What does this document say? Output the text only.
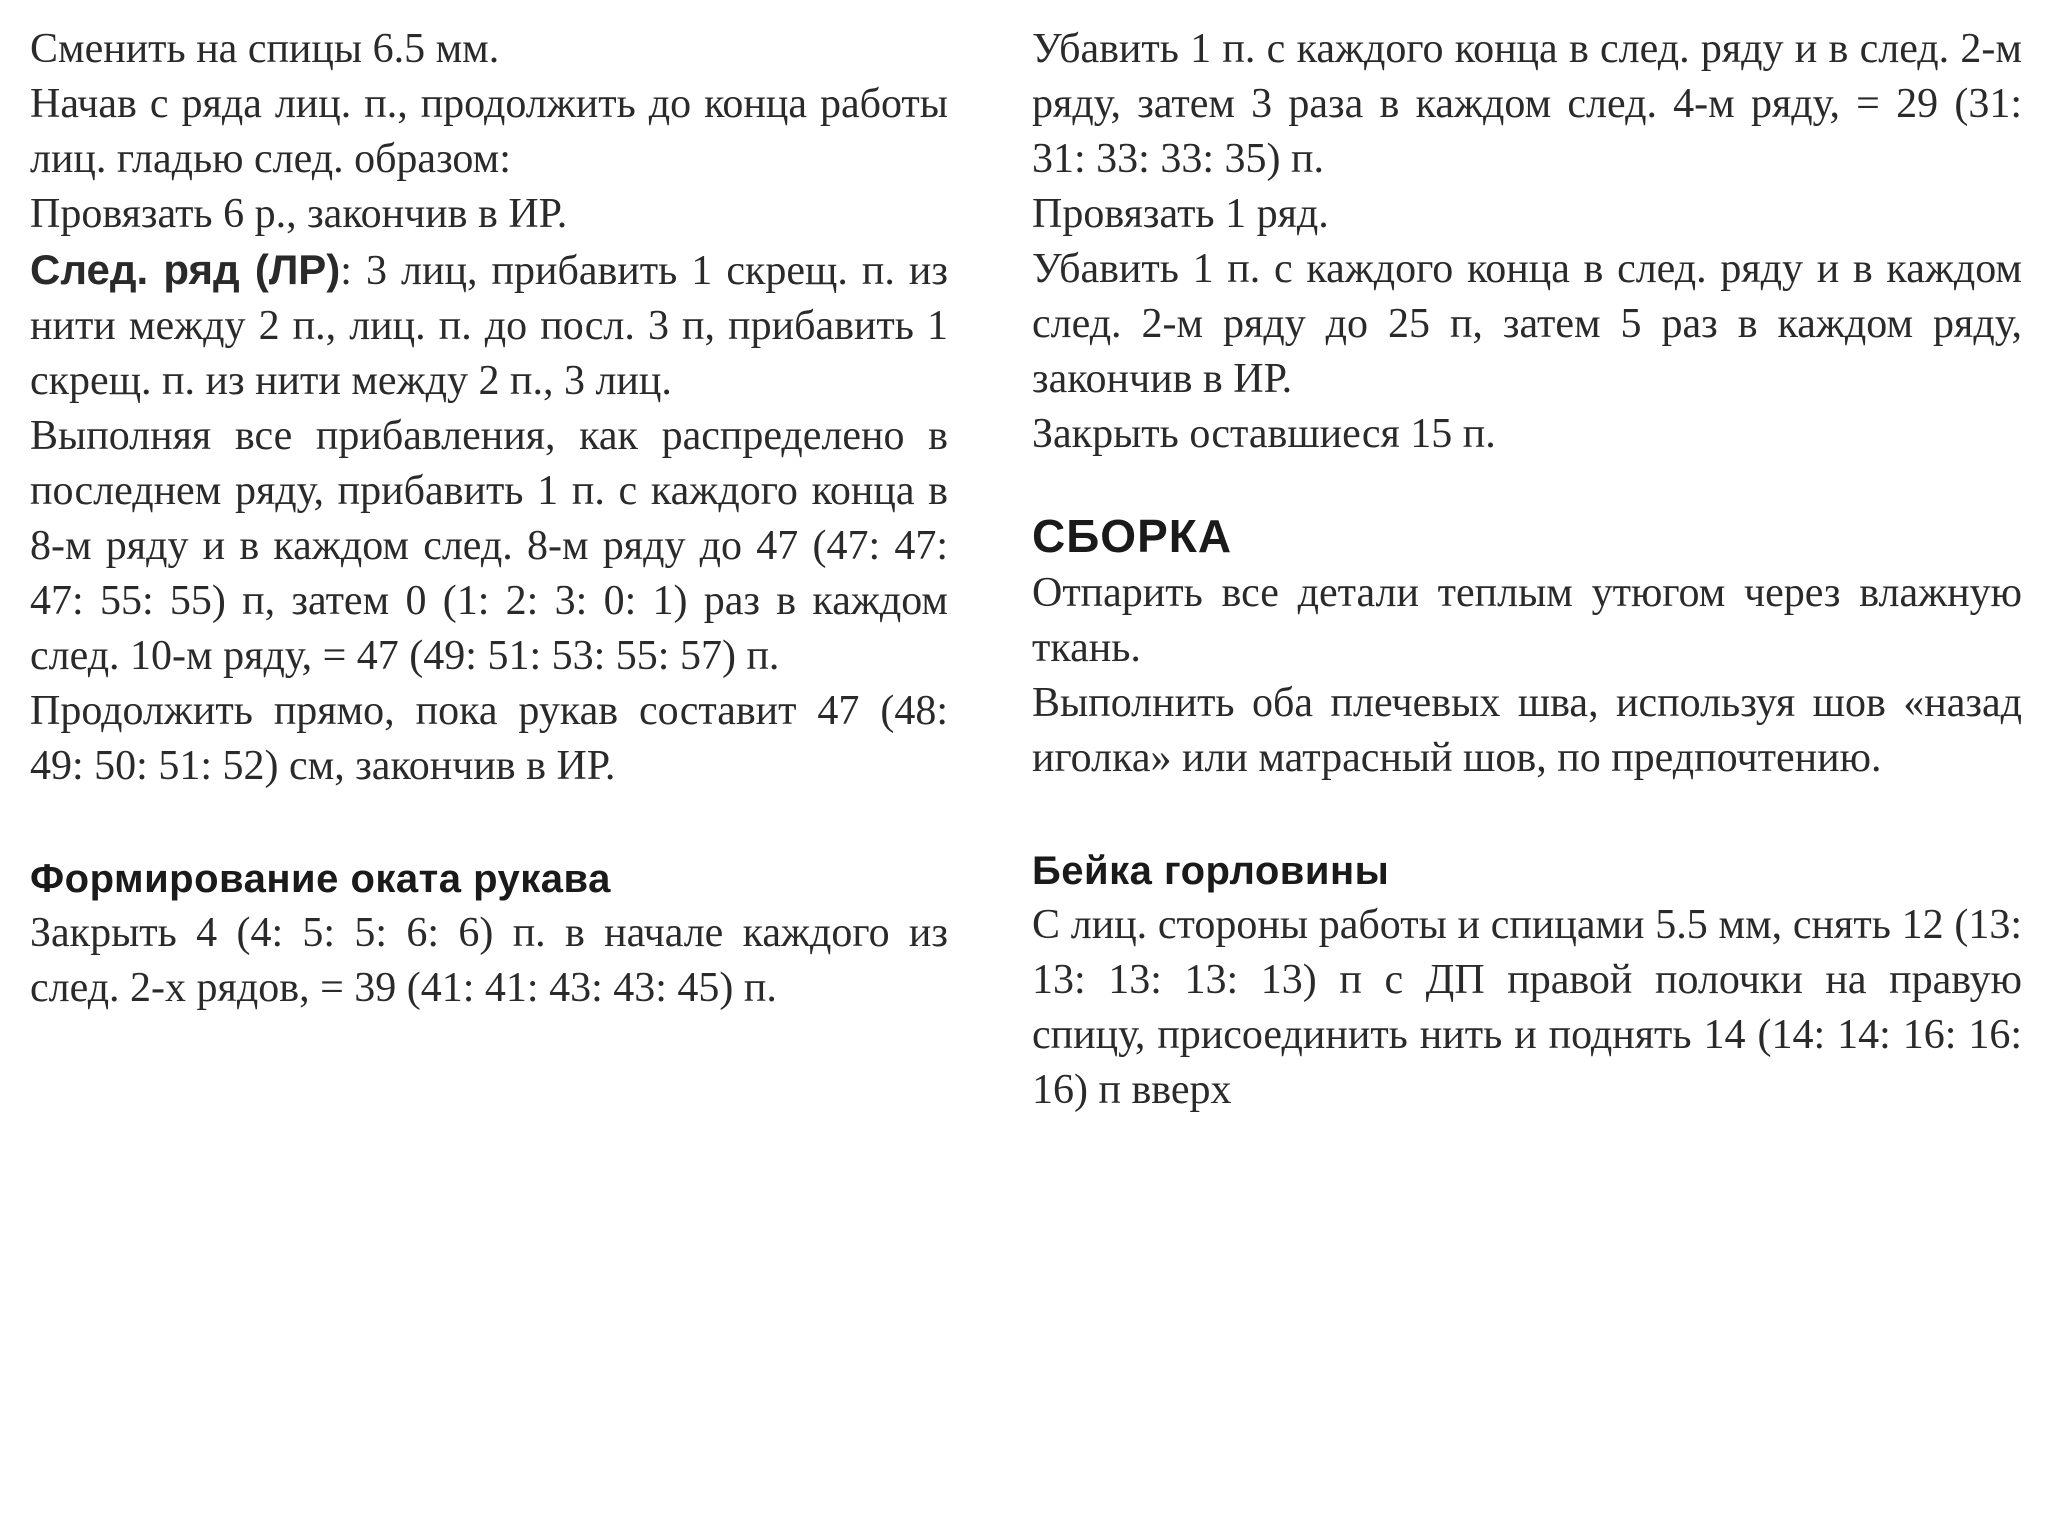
Сменить на спицы 6.5 мм.

Начав с ряда лиц. п., продолжить до конца работы лиц. гладью след. образом:

Провязать 6 р., закончив в ИР.

След. ряд (ЛР): 3 лиц, прибавить 1 скрещ. п. из нити между 2 п., лиц. п. до посл. 3 п, прибавить 1 скрещ. п. из нити между 2 п., 3 лиц.

Выполняя все прибавления, как распределено в последнем ряду, прибавить 1 п. с каждого конца в 8-м ряду и в каждом след. 8-м ряду до 47 (47: 47: 47: 55: 55) п, затем 0 (1: 2: 3: 0: 1) раз в каждом след. 10-м ряду, = 47 (49: 51: 53: 55: 57) п.

Продолжить прямо, пока рукав составит 47 (48: 49: 50: 51: 52) см, закончив в ИР.

Формирование оката рукава

Закрыть 4 (4: 5: 5: 6: 6) п. в начале каждого из след. 2-х рядов, = 39 (41: 41: 43: 43: 45) п.

Убавить 1 п. с каждого конца в след. ряду и в след. 2-м ряду, затем 3 раза в каждом след. 4-м ряду, = 29 (31: 31: 33: 33: 35) п.

Провязать 1 ряд.

Убавить 1 п. с каждого конца в след. ряду и в каждом след. 2-м ряду до 25 п, затем 5 раз в каждом ряду, закончив в ИР.

Закрыть оставшиеся 15 п.

СБОРКА

Отпарить все детали теплым утюгом через влажную ткань.

Выполнить оба плечевых шва, используя шов «назад иголка» или матрасный шов, по предпочтению.

Бейка горловины

С лиц. стороны работы и спицами 5.5 мм, снять 12 (13: 13: 13: 13: 13) п с ДП правой полочки на правую спицу, присоединить нить и поднять 14 (14: 14: 16: 16: 16) п вверх
